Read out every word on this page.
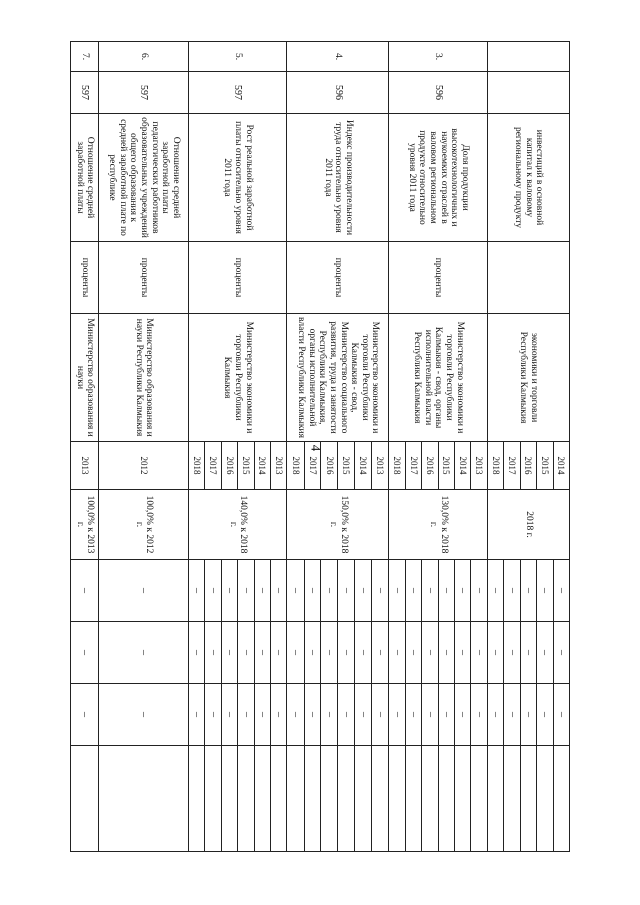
4
		инвестиций в основной капитал к валовому региональному продукту		экономики и торговли Республики Калмыкия	2014	2018 г.	–	–	–	
					2015		–	–	–	
					2016		–	–	–	
					2017		–	–	–	
					2018		–	–	–	
3.	596	Доля продукции высокотехнологичных и наукоемких отраслей в валовом региональном продукте относительно уровня 2011 года	проценты	Министерство экономики и торговли Республики Калмыкия - свод, органы исполнительной власти Республики Калмыкия	2013	130,0% к 2018 г.	–	–	–	
					2014		–	–	–	
					2015		–	–	–	
					2016		–	–	–	
					2017		–	–	–	
					2018		–	–	–	
4.	596	Индекс производительности труда относительно уровня 2011 года	проценты	Министерство экономики и торговли Республики Калмыкия - свод, Министерство социального развития, труда и занятости Республики Калмыкия, органы исполнительной власти Республики Калмыкия	2013	150,0% к 2018 г.	–	–	–	
					2014		–	–	–	
					2015		–	–	–	
					2016		–	–	–	
					2017		–	–	–	
					2018		–	–	–	
5.	597	Рост реальной заработной платы относительно уровня 2011 года	проценты	Министерство экономики и торговли Республики Калмыкия	2013	140,0% к 2018 г.	–	–	–	
					2014		–	–	–	
					2015		–	–	–	
					2016		–	–	–	
					2017		–	–	–	
					2018		–	–	–	
6.	597	Отношение средней заработной платы педагогических работников образовательных учреждений общего образования к средней заработной плате по республике	проценты	Министерство образования и науки Республики Калмыкия	2012	100,0% к 2012 г.	–	–	–	
7.	597	Отношение средней заработной платы	проценты	Министерство образования и науки	2013	100,0% к 2013 г.	–	–	–	
